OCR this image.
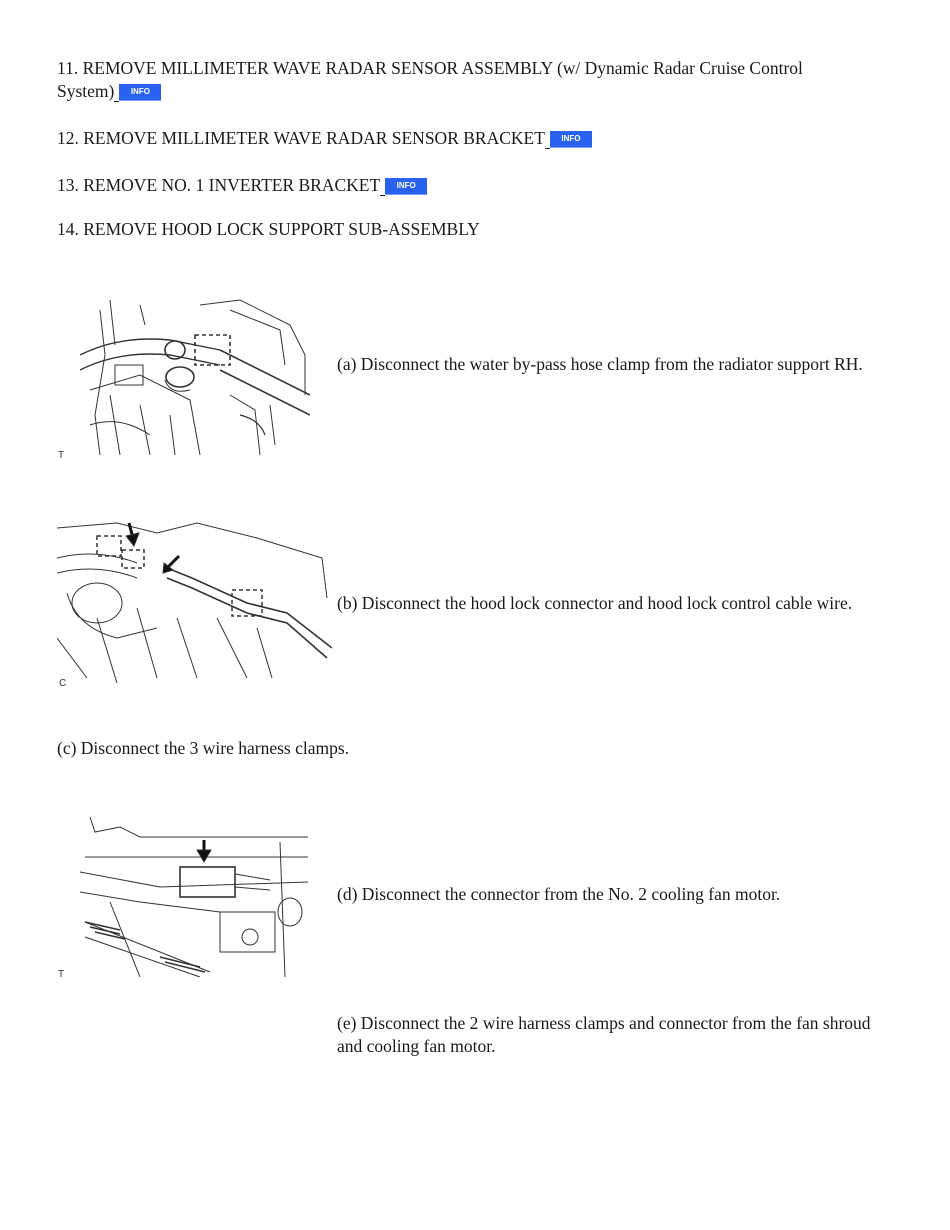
11. REMOVE MILLIMETER WAVE RADAR SENSOR ASSEMBLY (w/ Dynamic Radar Cruise Control
System) INFO
12. REMOVE MILLIMETER WAVE RADAR SENSOR BRACKET INFO
13. REMOVE NO. 1 INVERTER BRACKET INFO
14. REMOVE HOOD LOCK SUPPORT SUB-ASSEMBLY
T
(a) Disconnect the water by-pass hose clamp from the radiator support RH.
C
(b) Disconnect the hood lock connector and hood lock control cable wire.
(c) Disconnect the 3 wire harness clamps.
T
(d) Disconnect the connector from the No. 2 cooling fan motor.
(e) Disconnect the 2 wire harness clamps and connector from the fan shroud and cooling fan motor.
